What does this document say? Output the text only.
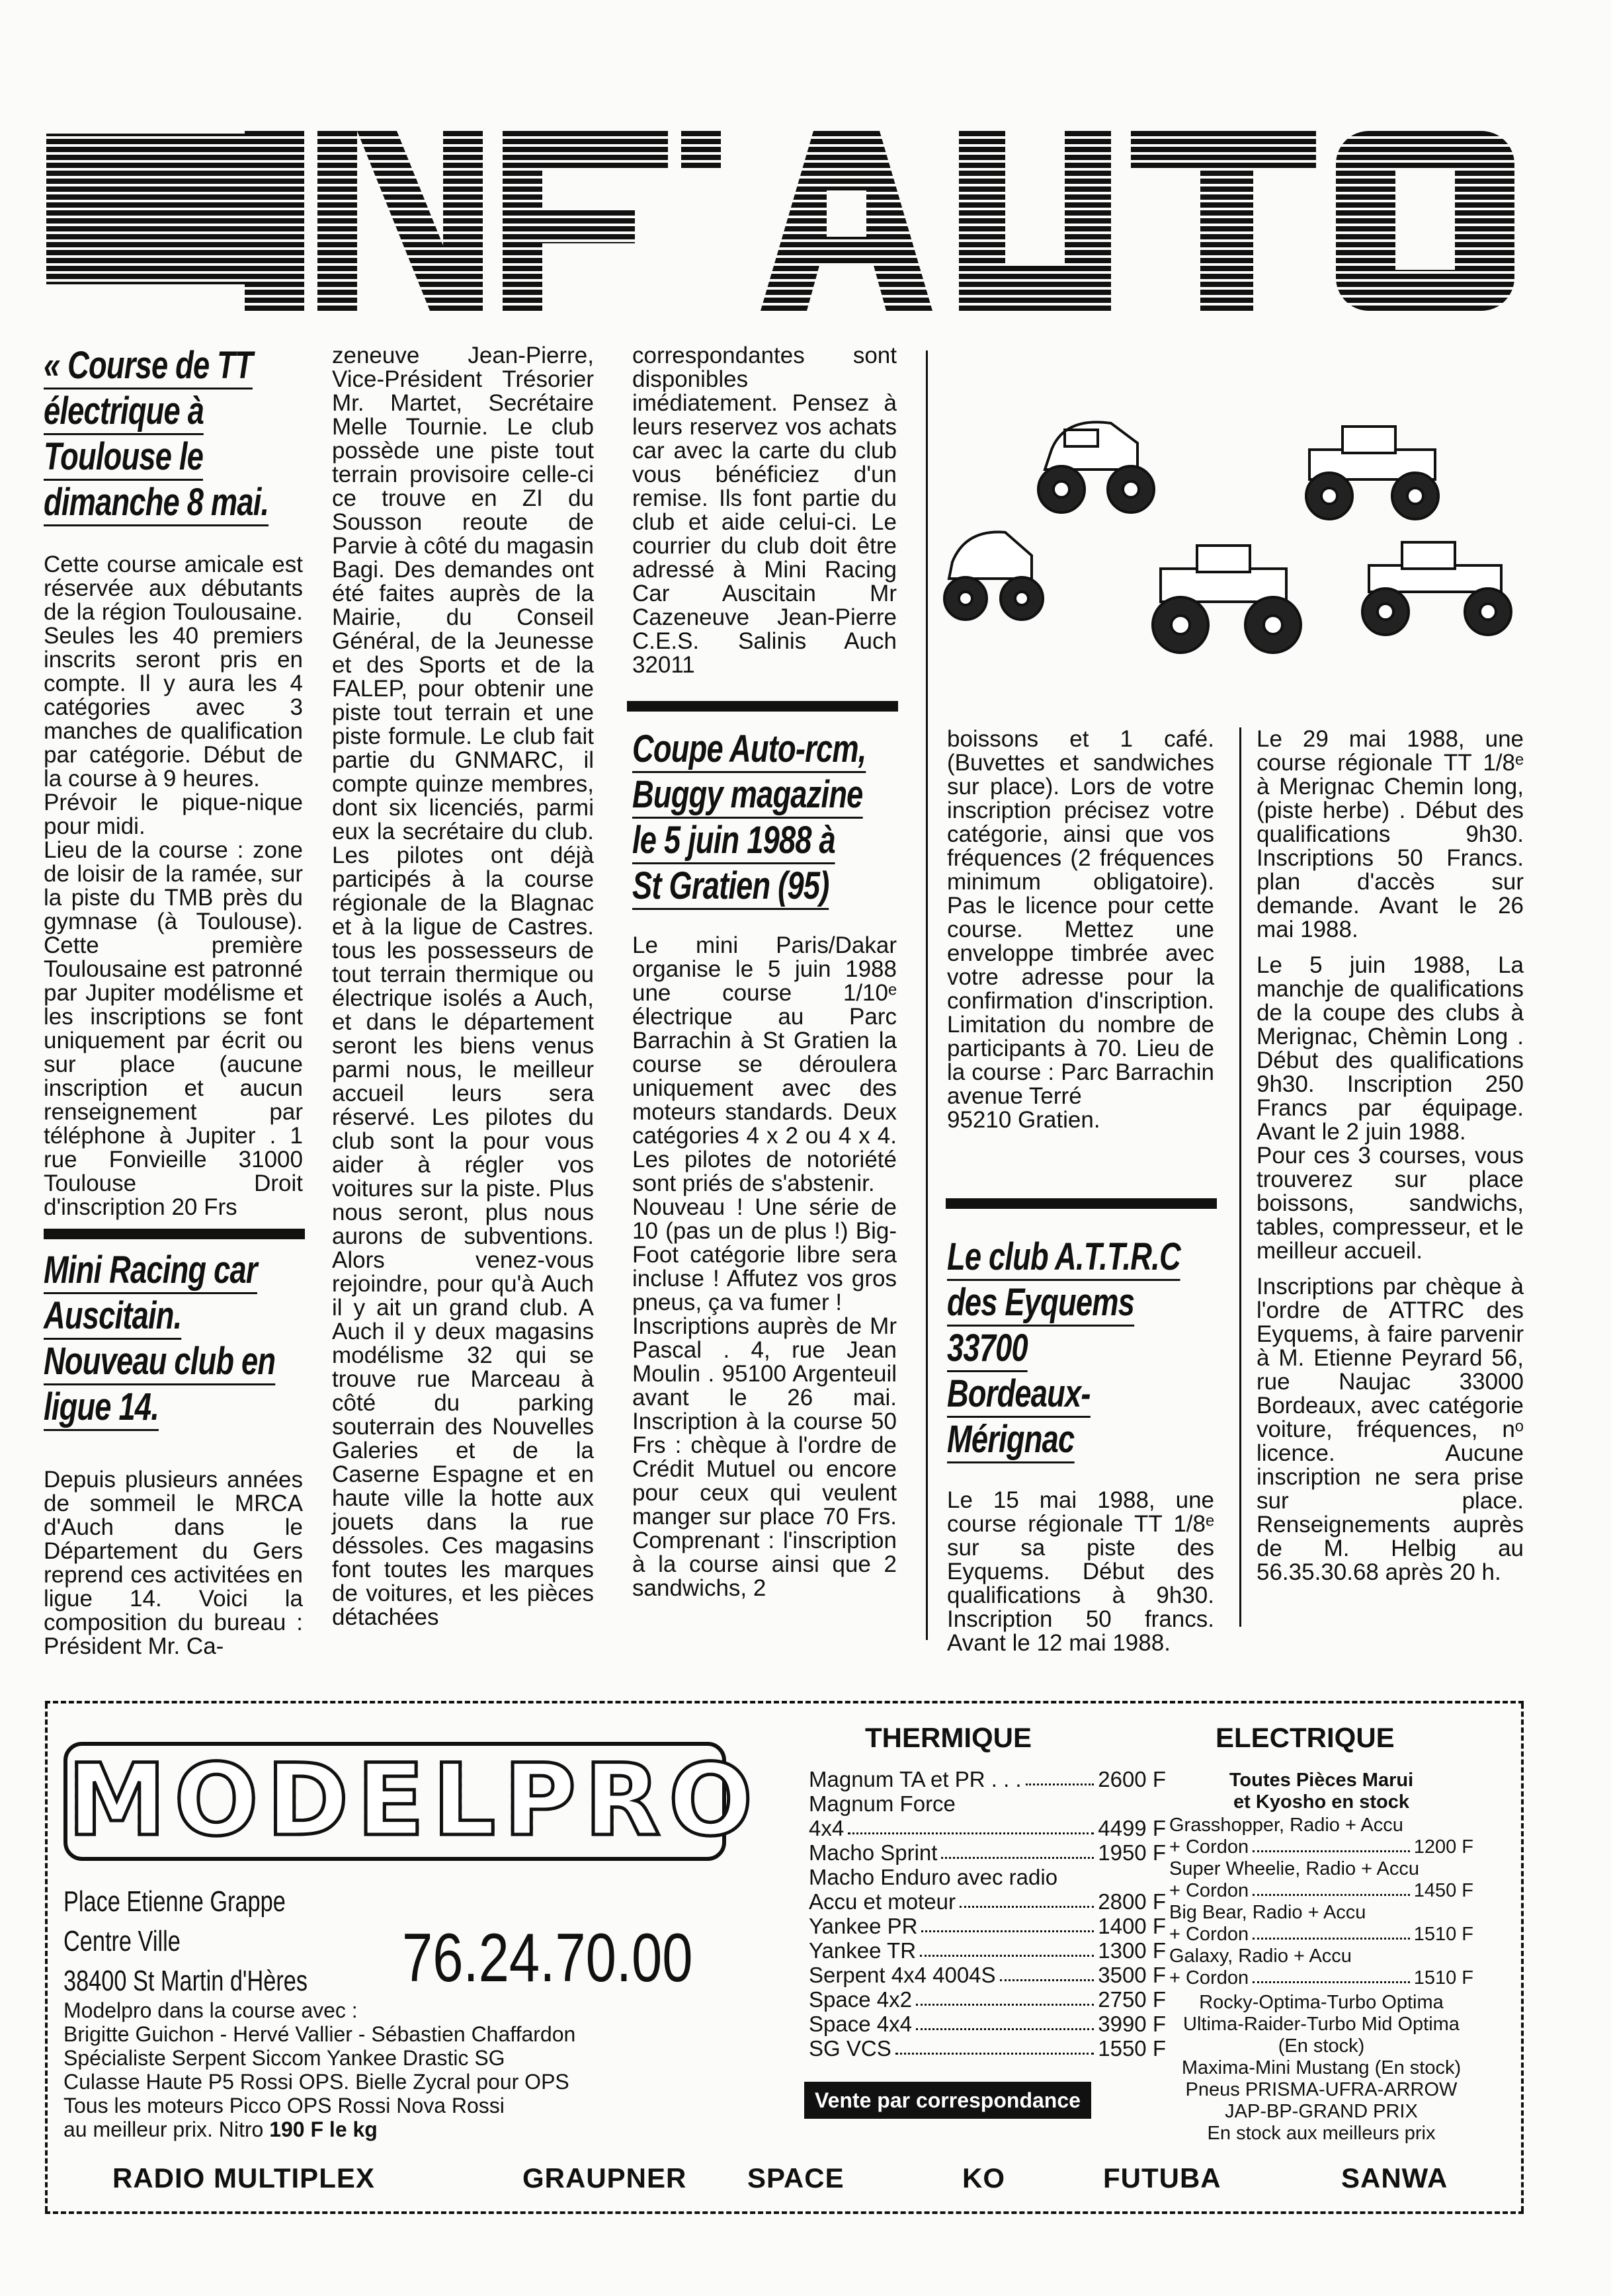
« Course de TT
électrique à
Toulouse le
dimanche 8 mai.

Cette course amicale est réservée aux débutants de la région Toulousaine. Seules les 40 premiers inscrits seront pris en compte. Il y aura les 4 catégories avec 3 manches de qualification par catégorie. Début de la course à 9 heures.

Prévoir le pique-nique pour midi.

Lieu de la course : zone de loisir de la ramée, sur la piste du TMB près du gymnase (à Toulouse). Cette première Toulousaine est patronné par Jupiter modélisme et les inscriptions se font uniquement par écrit ou sur place (aucune inscription et aucun renseignement par téléphone à Jupiter . 1 rue Fonvieille 31000 Toulouse Droit d'inscription 20 Frs

Mini Racing car
Auscitain.
Nouveau club en
ligue 14.

Depuis plusieurs années de sommeil le MRCA d'Auch dans le Département du Gers reprend ces activitées en ligue 14. Voici la composition du bureau : Président Mr. Ca-

zeneuve Jean-Pierre, Vice-Président Trésorier Mr. Martet, Secrétaire Melle Tournie. Le club possède une piste tout terrain provisoire celle-ci ce trouve en ZI du Sousson reoute de Parvie à côté du magasin Bagi. Des demandes ont été faites auprès de la Mairie, du Conseil Général, de la Jeunesse et des Sports et de la FALEP, pour obtenir une piste tout terrain et une piste formule. Le club fait partie du GNMARC, il compte quinze membres, dont six licenciés, parmi eux la secrétaire du club. Les pilotes ont déjà participés à la course régionale de la Blagnac et à la ligue de Castres. tous les possesseurs de tout terrain thermique ou électrique isolés a Auch, et dans le département seront les biens venus parmi nous, le meilleur accueil leurs sera réservé. Les pilotes du club sont la pour vous aider à régler vos voitures sur la piste. Plus nous seront, plus nous aurons de subventions. Alors venez-vous rejoindre, pour qu'à Auch il y ait un grand club. A Auch il y deux magasins modélisme 32 qui se trouve rue Marceau à côté du parking souterrain des Nouvelles Galeries et de la Caserne Espagne et en haute ville la hotte aux jouets dans la rue déssoles. Ces magasins font toutes les marques de voitures, et les pièces détachées

correspondantes sont disponibles imédiatement. Pensez à leurs reservez vos achats car avec la carte du club vous bénéficiez d'un remise. Ils font partie du club et aide celui-ci. Le courrier du club doit être adressé à Mini Racing Car Auscitain Mr Cazeneuve Jean-Pierre C.E.S. Salinis Auch 32011

Coupe Auto-rcm,
Buggy magazine
le 5 juin 1988 à
St Gratien (95)

Le mini Paris/Dakar organise le 5 juin 1988 une course 1/10ᵉ électrique au Parc Barrachin à St Gratien la course se déroulera uniquement avec des moteurs standards. Deux catégories 4 x 2 ou 4 x 4. Les pilotes de notoriété sont priés de s'abstenir.

Nouveau ! Une série de 10 (pas un de plus !) Big-Foot catégorie libre sera incluse ! Affutez vos gros pneus, ça va fumer !

Inscriptions auprès de Mr Pascal . 4, rue Jean Moulin . 95100 Argenteuil avant le 26 mai. Inscription à la course 50 Frs : chèque à l'ordre de Crédit Mutuel ou encore pour ceux qui veulent manger sur place 70 Frs. Comprenant : l'inscription à la course ainsi que 2 sandwichs, 2

boissons et 1 café. (Buvettes et sandwiches sur place). Lors de votre inscription précisez votre catégorie, ainsi que vos fréquences (2 fréquences minimum obligatoire). Pas le licence pour cette course. Mettez une enveloppe timbrée avec votre adresse pour la confirmation d'inscription. Limitation du nombre de participants à 70. Lieu de la course : Parc Barrachin avenue Terré

95210 Gratien.

Le club A.T.T.R.C
des Eyquems
33700
Bordeaux-
Mérignac

Le 15 mai 1988, une course régionale TT 1/8ᵉ sur sa piste des Eyquems. Début des qualifications à 9h30. Inscription 50 francs. Avant le 12 mai 1988.

Le 29 mai 1988, une course régionale TT 1/8ᵉ à Merignac Chemin long, (piste herbe) . Début des qualifications 9h30. Inscriptions 50 Francs. plan d'accès sur demande. Avant le 26 mai 1988.

Le 5 juin 1988, La manchje de qualifications de la coupe des clubs à Merignac, Chèmin Long . Début des qualifications 9h30. Inscription 250 Francs par équipage. Avant le 2 juin 1988.

Pour ces 3 courses, vous trouverez sur place boissons, sandwichs, tables, compresseur, et le meilleur accueil.

Inscriptions par chèque à l'ordre de ATTRC des Eyquems, à faire parvenir à M. Etienne Peyrard 56, rue Naujac 33000 Bordeaux, avec catégorie voiture, fréquences, nᵒ licence. Aucune inscription ne sera prise sur place. Renseignements auprès de M. Helbig au 56.35.30.68 après 20 h.

MODELPRO
Place Etienne Grappe
Centre Ville
38400 St Martin d'Hères 76.24.70.00
Modelpro dans la course avec :
Brigitte Guichon - Hervé Vallier - Sébastien Chaffardon
Spécialiste Serpent Siccom Yankee Drastic SG
Culasse Haute P5 Rossi OPS. Bielle Zycral pour OPS
Tous les moteurs Picco OPS Rossi Nova Rossi
au meilleur prix. Nitro 190 F le kg
THERMIQUE
Magnum TA et PR . . .	2600 F
Magnum Force
4x4	4499 F
Macho Sprint	1950 F
Macho Enduro avec radio
Accu et moteur	2800 F
Yankee PR	1400 F
Yankee TR	1300 F
Serpent 4x4 4004S	3500 F
Space 4x2	2750 F
Space 4x4	3990 F
SG VCS	1550 F
Vente par correspondance
ELECTRIQUE
Toutes Pièces Marui
et Kyosho en stock
Grasshopper, Radio + Accu
+ Cordon	1200 F
Super Wheelie, Radio + Accu
+ Cordon	1450 F
Big Bear, Radio + Accu
+ Cordon	1510 F
Galaxy, Radio + Accu
+ Cordon	1510 F
Rocky-Optima-Turbo Optima
Ultima-Raider-Turbo Mid Optima
(En stock)
Maxima-Mini Mustang (En stock)
Pneus PRISMA-UFRA-ARROW
JAP-BP-GRAND PRIX
En stock aux meilleurs prix
RADIO MULTIPLEX	GRAUPNER SPACE	KO	FUTUBA	SANWA
